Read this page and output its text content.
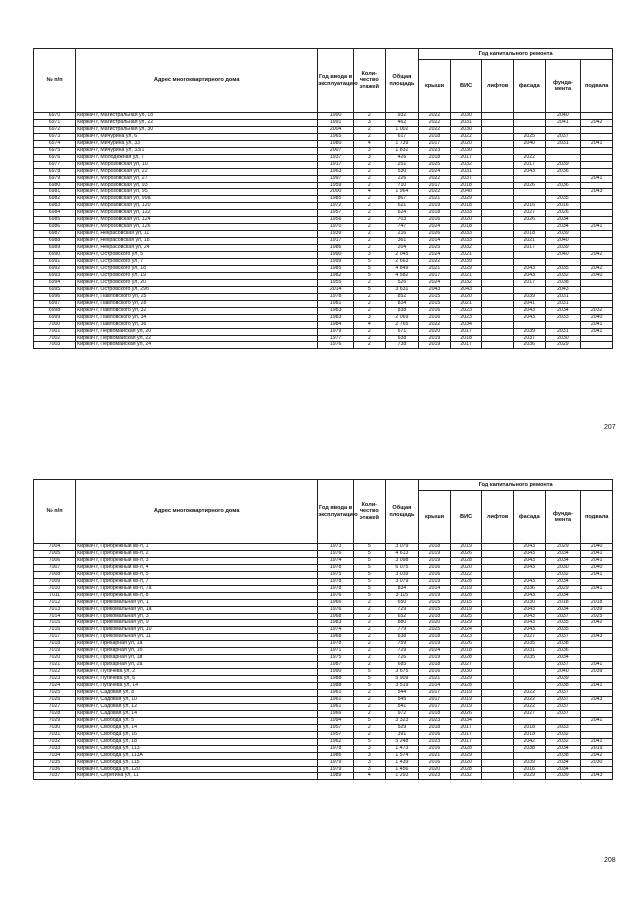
№ п/п	Адрес многоквартирного дома	Год ввода в эксплуатацию	Коли-чество этажей	Общая площадь	Год капитального ремонта					
					крыши	ВИС	лифтов	фасада	фунда-мента	подвала
6970	Киржач г, Магистральная ул, 18	1990	2	932	2022	2030			2040	
6971	Киржач г, Магистральная ул, 22	1991	3	462	2022	2031			2041	2042
6972	Киржач г, Магистральная ул, 30	2004	2	1 002	2022	2030				
6973	Киржач г, Мичурина ул, 6	1965	2	617	2018	2022		2025	2037	
6974	Киржач г, Мичурина ул, 33	1980	4	1 739	2017	2020		2040	2031	2041
6975	Киржач г, Мичурина ул, 33/1	2007	3	1 832	2023	2030				
6976	Киржач г, Молодежная ул, 7	1937	3	426	2018	2017		2022		
6977	Киржач г, Морозовская ул, 10	1917	2	251	2025	2032		2017	2039	
6978	Киржач г, Морозовская ул, 22	1963	2	530	2024	2031		2043	2036	
6979	Киржач г, Морозовская ул, 27	1997	2	226	2022	2037				2041
6980	Киржач г, Морозовская ул, 93	1959	2	710	2017	2018		2026	2036	
6981	Киржач г, Морозовская ул, 95	2000	4	1 964	2022	2040				2043
6982	Киржач г, Морозовская ул, 99а	1985	2	867	2021	2029			2035	
6983	Киржач г, Морозовская ул, 120	1972	2	621	2019	2018		2016	2016	
6984	Киржач г, Морозовская ул, 122	1957	2	624	2018	2033		2027	2026	
6985	Киржач г, Морозовская ул, 124	1956	2	703	2016	2020		2026	2034	
6986	Киржач г, Морозовская ул, 126	1970	2	747	2024	2018			2034	2041
6987	Киржач г, Некрасовская ул, 11	1939	2	216	2026	2033		2018	2039	
6988	Киржач г, Некрасовская ул, 18	1917	2	361	2014	2033		2021	2040	
6989	Киржач г, Некрасовская ул, 24	1986	2	204	2025	2032		2017	2039	
6990	Киржач г, Островского ул, 5	1990	3	2 045	2024	2021			2040	2042
6991	Киржач г, Островского ул, 7	1999	5	2 663	2022	2039				
6992	Киржач г, Островского ул, 18	1985	5	4 849	2021	2029		2043	2035	2042
6993	Киржач г, Островского ул, 19	1982	5	4 582	2017	2021		2043	2032	2040
6994	Киржач г, Островского ул, 20	1955	2	526	2024	2032		2017	2038	
6995	Киржач г, Островского ул, 29б	2014	5	3 631	2043	2043			2043	
6996	Киржач г, Павловского ул, 25	1978	2	852	2015	2020		2039	2031	
6997	Киржач г, Павловского ул, 28	1981	2	834	2015	2021		2041	2031	
6998	Киржач г, Павловского ул, 32	1983	2	838	2016	2023		2043	2034	2032
6999	Киржач г, Павловского ул, 34	1983	3	2 069	2016	2023		2043	2033	2040
7000	Киржач г, Павловского ул, 36	1984	4	2 765	2022	2034				2041
7001	Киржач г, Первомайская ул, 20	1979	2	671	2020	2017		2039	2031	2041
7002	Киржач г, Первомайская ул, 22	1977	2	638	2019	2018		2037	2030	
7003	Киржач г, Первомайская ул, 24	1976	2	738	2019	2017		2036	2029	
207
№ п/п	Адрес многоквартирного дома	Год ввода в эксплуатацию	Коли-чество этажей	Общая площадь	Год капитального ремонта					
					крыши	ВИС	лифтов	фасада	фунда-мента	подвала
7004	Киржач г, Прибрежный кв-л, 1	1973	5	3 079	2018	2019		2043	2029	2040
7005	Киржач г, Прибрежный кв-л, 2	1976	5	4 613	2019	2026		2043	2034	2041
7006	Киржач г, Прибрежный кв-л, 3	1974	5	3 098	2019	2028		2043	2034	2041
7007	Киржач г, Прибрежный кв-л, 4	1978	5	6 075	2016	2020		2043	2030	2040
7008	Киржач г, Прибрежный кв-л, 5	1975	5	3 039	2016	2022			2032	2041
7009	Киржач г, Прибрежный кв-л, 7	1978	5	3 079	2019	2028		2043	2034	
7010	Киржач г, Прибрежный кв-л, 7а	1978	5	834	2014	2019		2036	2029	2041
7011	Киржач г, Прибрежный кв-л, 8	1976	5	3 115	2019	2028		2043	2034	
7012	Киржач г, Прикомальная ул, 1	1966	2	650	2015	2015		2030	2018	2018
7013	Киржач г, Прикомальная ул, 1а	1976	2	729	2015	2019		2043	2034	2039
7014	Киржач г, Прикомальная ул, 3	1968	2	652	2018	2025		2043	2037	2025
7015	Киржач г, Прикомальная ул, 9	1983	2	880	2020	2029		2043	2035	2042
7016	Киржач г, Прикомальная ул, 10	1974	2	779	2025	2024		2043	2035	
7017	Киржач г, Прикомальная ул, 11	1968	2	638	2018	2023		2027	2037	2043
7018	Киржач г, Прихарная ул, 1а	1978	2	759	2019	2026		2035	2038	
7019	Киржач г, Прихарная ул, 1б	1971	2	729	2024	2018		2031	2036	
7020	Киржач г, Прихарная ул, 1в	1975	2	726	2019	2028		2035	2034	
7021	Киржач г, Прихарная ул, 2а	1987	2	685	2018	2027			2037	2041
7022	Киржач г, Пугачева ул, 2	1990	5	3 675	2016	2030			2040	2039
7023	Киржач г, Пугачева ул, 6	1988	5	5 909	2021	2029			2039	
7024	Киржач г, Пугачева ул, 14	1988	5	3 519	2014	2028			2038	2041
7025	Киржач г, Садовая ул, 8	1961	2	544	2017	2019		2022	2037	
7026	Киржач г, Садовая ул, 10	1961	2	545	2017	2019		2022	2037	2043
7027	Киржач г, Садовая ул, 12	1961	2	541	2017	2019		2022	2037	
7028	Киржач г, Садовая ул, 14	1966	2	972	2018	2026		2027	2037	
7029	Киржач г, Свобода ул, 5	1994	5	3 323	2023	2034				2041
7030	Киржач г, Свобода ул, 14	1957	2	529	2018	2017		2018	2033	
7031	Киржач г, Свобода ул, 16	1957	2	391	2016	2017		2018	2032	
7032	Киржач г, Свобода ул, 18	1962	5	5 248	2023	2017		2042	2032	2041
7033	Киржач г, Свобода ул, 113	1978	3	1 473	2016	2028		2038	2034	2019
7034	Киржач г, Свобода ул, 113А	1986	3	1 574	2021	2029			2038	2042
7035	Киржач г, Свобода ул, 115	1979	3	1 439	2016	2020		2039	2034	2030
7036	Киржач г, Свобода ул, 120	1979	3	1 456	2020	2028		2016	2034	
7037	Киржач г, Серегина ул, 11	1989	4	1 293	2023	2032		2029	2039	2043
208
